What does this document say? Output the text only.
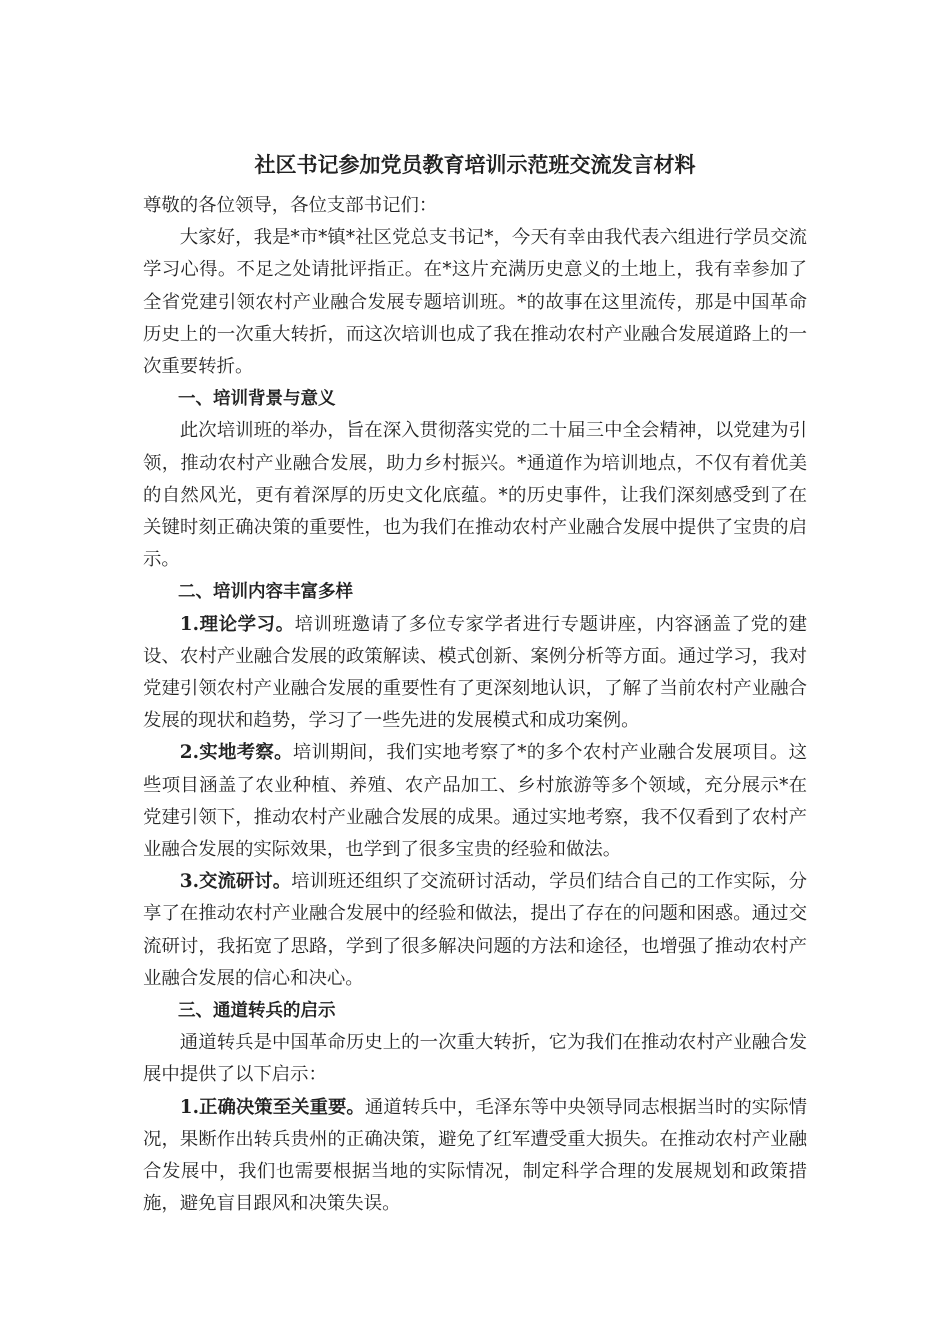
社区书记参加党员教育培训示范班交流发言材料

尊敬的各位领导，各位支部书记们：

大家好，我是*市*镇*社区党总支书记*，今天有幸由我代表六组进行学员交流学习心得。不足之处请批评指正。在*这片充满历史意义的土地上，我有幸参加了全省党建引领农村产业融合发展专题培训班。*的故事在这里流传，那是中国革命历史上的一次重大转折，而这次培训也成了我在推动农村产业融合发展道路上的一次重要转折。

一、培训背景与意义

此次培训班的举办，旨在深入贯彻落实党的二十届三中全会精神，以党建为引领，推动农村产业融合发展，助力乡村振兴。*通道作为培训地点，不仅有着优美的自然风光，更有着深厚的历史文化底蕴。*的历史事件，让我们深刻感受到了在关键时刻正确决策的重要性，也为我们在推动农村产业融合发展中提供了宝贵的启示。

二、培训内容丰富多样

1.理论学习。培训班邀请了多位专家学者进行专题讲座，内容涵盖了党的建设、农村产业融合发展的政策解读、模式创新、案例分析等方面。通过学习，我对党建引领农村产业融合发展的重要性有了更深刻地认识，了解了当前农村产业融合发展的现状和趋势，学习了一些先进的发展模式和成功案例。

2.实地考察。培训期间，我们实地考察了*的多个农村产业融合发展项目。这些项目涵盖了农业种植、养殖、农产品加工、乡村旅游等多个领域，充分展示*在党建引领下，推动农村产业融合发展的成果。通过实地考察，我不仅看到了农村产业融合发展的实际效果，也学到了很多宝贵的经验和做法。

3.交流研讨。培训班还组织了交流研讨活动，学员们结合自己的工作实际，分享了在推动农村产业融合发展中的经验和做法，提出了存在的问题和困惑。通过交流研讨，我拓宽了思路，学到了很多解决问题的方法和途径，也增强了推动农村产业融合发展的信心和决心。

三、通道转兵的启示

通道转兵是中国革命历史上的一次重大转折，它为我们在推动农村产业融合发展中提供了以下启示：

1.正确决策至关重要。通道转兵中，毛泽东等中央领导同志根据当时的实际情况，果断作出转兵贵州的正确决策，避免了红军遭受重大损失。在推动农村产业融合发展中，我们也需要根据当地的实际情况，制定科学合理的发展规划和政策措施，避免盲目跟风和决策失误。
